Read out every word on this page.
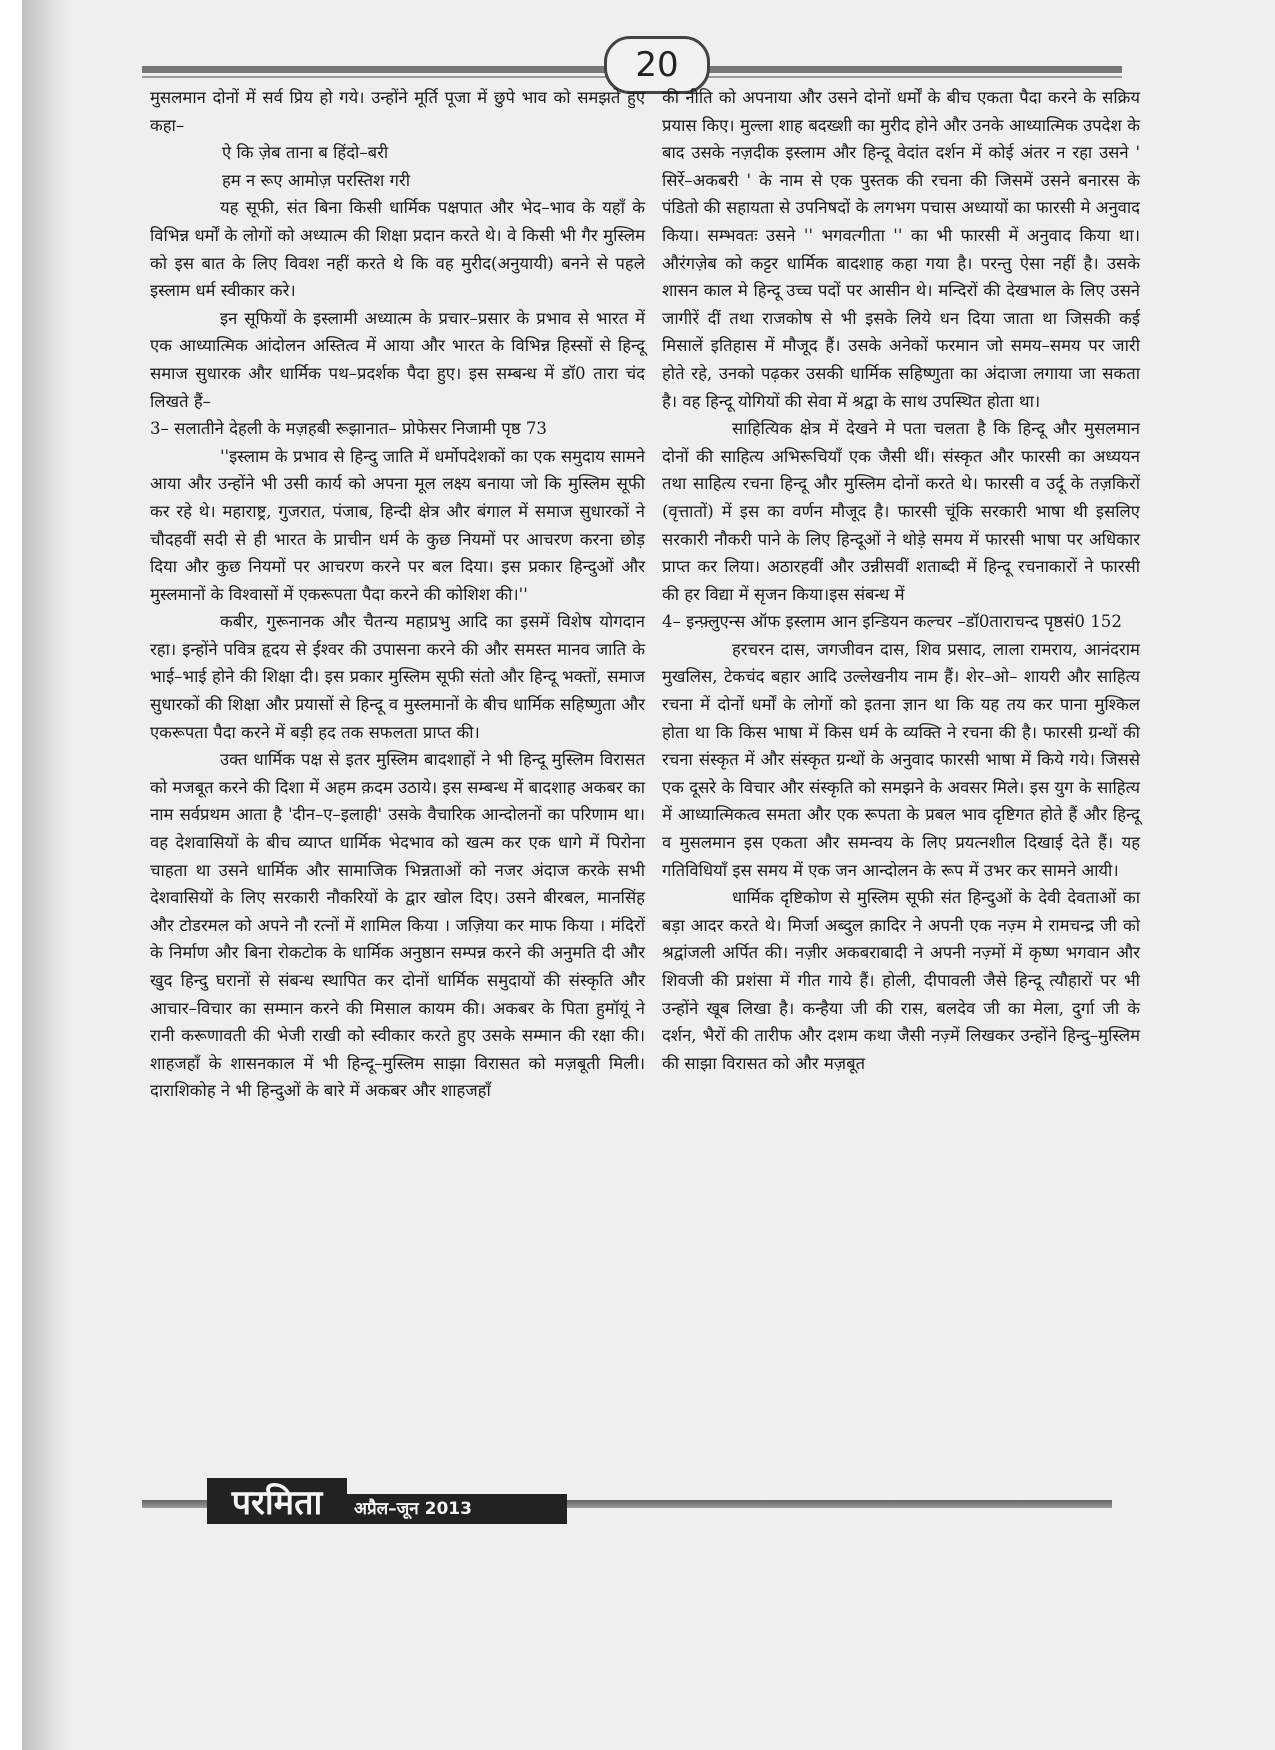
20

मुसलमान दोनों में सर्व प्रिय हो गये। उन्होंने मूर्ति पूजा में छुपे भाव को समझते हुए कहा–

ऐ कि ज़ेब ताना ब हिंदो–बरी

हम न रूए आमोज़ परस्तिश गरी

यह सूफी, संत बिना किसी धार्मिक पक्षपात और भेद–भाव के यहाँ के विभिन्न धर्मों के लोगों को अध्यात्म की शिक्षा प्रदान करते थे। वे किसी भी गैर मुस्लिम को इस बात के लिए विवश नहीं करते थे कि वह मुरीद(अनुयायी) बनने से पहले इस्लाम धर्म स्वीकार करे।

इन सूफियों के इस्लामी अध्यात्म के प्रचार–प्रसार के प्रभाव से भारत में एक आध्यात्मिक आंदोलन अस्तित्व में आया और भारत के विभिन्न हिस्सों से हिन्दू समाज सुधारक और धार्मिक पथ–प्रदर्शक पैदा हुए। इस सम्बन्ध में डॉ0 तारा चंद लिखते हैं–

3– सलातीने देहली के मज़हबी रूझानात– प्रोफेसर निजामी पृष्ठ 73

''इस्लाम के प्रभाव से हिन्दु जाति में धर्मोपदेशकों का एक समुदाय सामने आया और उन्होंने भी उसी कार्य को अपना मूल लक्ष्य बनाया जो कि मुस्लिम सूफी कर रहे थे। महाराष्ट्र, गुजरात, पंजाब, हिन्दी क्षेत्र और बंगाल में समाज सुधारकों ने चौदहवीं सदी से ही भारत के प्राचीन धर्म के कुछ नियमों पर आचरण करना छोड़ दिया और कुछ नियमों पर आचरण करने पर बल दिया। इस प्रकार हिन्दुओं और मुस्लमानों के विश्वासों में एकरूपता पैदा करने की कोशिश की।''

कबीर, गुरूनानक और चैतन्य महाप्रभु आदि का इसमें विशेष योगदान रहा। इन्होंने पवित्र हृदय से ईश्वर की उपासना करने की और समस्त मानव जाति के भाई–भाई होने की शिक्षा दी। इस प्रकार मुस्लिम सूफी संतो और हिन्दू भक्तों, समाज सुधारकों की शिक्षा और प्रयासों से हिन्दू व मुस्लमानों के बीच धार्मिक सहिष्णुता और एकरूपता पैदा करने में बड़ी हद तक सफलता प्राप्त की।

उक्त धार्मिक पक्ष से इतर मुस्लिम बादशाहों ने भी हिन्दू मुस्लिम विरासत को मजबूत करने की दिशा में अहम क़दम उठाये। इस सम्बन्ध में बादशाह अकबर का नाम सर्वप्रथम आता है 'दीन–ए–इलाही' उसके वैचारिक आन्दोलनों का परिणाम था। वह देशवासियों के बीच व्याप्त धार्मिक भेदभाव को खत्म कर एक धागे में पिरोना चाहता था उसने धार्मिक और सामाजिक भिन्नताओं को नजर अंदाज करके सभी देशवासियों के लिए सरकारी नौकरियों के द्वार खोल दिए। उसने बीरबल, मानसिंह और टोडरमल को अपने नौ रत्नों में शामिल किया । जज़िया कर माफ किया । मंदिरों के निर्माण और बिना रोकटोक के धार्मिक अनुष्ठान सम्पन्न करने की अनुमति दी और खुद हिन्दु घरानों से संबन्ध स्थापित कर दोनों धार्मिक समुदायों की संस्कृति और आचार–विचार का सम्मान करने की मिसाल कायम की। अकबर के पिता हुमॉयूं ने रानी करूणावती की भेजी राखी को स्वीकार करते हुए उसके सम्मान की रक्षा की। शाहजहाँ के शासनकाल में भी हिन्दू–मुस्लिम साझा विरासत को मज़बूती मिली। दाराशिकोह ने भी हिन्दुओं के बारे में अकबर और शाहजहाँ

की नीति को अपनाया और उसने दोनों धर्मों के बीच एकता पैदा करने के सक्रिय प्रयास किए। मुल्ला शाह बदख्शी का मुरीद होने और उनके आध्यात्मिक उपदेश के बाद उसके नज़दीक इस्लाम और हिन्दू वेदांत दर्शन में कोई अंतर न रहा उसने ' सिर्रे–अकबरी ' के नाम से एक पुस्तक की रचना की जिसमें उसने बनारस के पंडितो की सहायता से उपनिषदों के लगभग पचास अध्यायों का फारसी मे अनुवाद किया। सम्भवतः उसने '' भगवत्गीता '' का भी फारसी में अनुवाद किया था। औरंगज़ेब को कट्टर धार्मिक बादशाह कहा गया है। परन्तु ऐसा नहीं है। उसके शासन काल मे हिन्दू उच्च पदों पर आसीन थे। मन्दिरों की देखभाल के लिए उसने जागीरें दीं तथा राजकोष से भी इसके लिये धन दिया जाता था जिसकी कई मिसालें इतिहास में मौजूद हैं। उसके अनेकों फरमान जो समय–समय पर जारी होते रहे, उनको पढ़कर उसकी धार्मिक सहिष्णुता का अंदाजा लगाया जा सकता है। वह हिन्दू योगियों की सेवा में श्रद्वा के साथ उपस्थित होता था।

साहित्यिक क्षेत्र में देखने मे पता चलता है कि हिन्दू और मुसलमान दोनों की साहित्य अभिरूचियाँ एक जैसी थीं। संस्कृत और फारसी का अध्ययन तथा साहित्य रचना हिन्दू और मुस्लिम दोनों करते थे। फारसी व उर्दू के तज़किरों (वृत्तातों) में इस का वर्णन मौजूद है। फारसी चूंकि सरकारी भाषा थी इसलिए सरकारी नौकरी पाने के लिए हिन्दूओं ने थोड़े समय में फारसी भाषा पर अधिकार प्राप्त कर लिया। अठारहवीं और उन्नीसवीं शताब्दी में हिन्दू रचनाकारों ने फारसी की हर विद्या में सृजन किया।इस संबन्ध में

4– इन्फ़्लुएन्स ऑफ इस्लाम आन इन्डियन कल्चर –डॉ0ताराचन्द पृष्ठसं0 152

हरचरन दास, जगजीवन दास, शिव प्रसाद, लाला रामराय, आनंदराम मुखलिस, टेकचंद बहार आदि उल्लेखनीय नाम हैं। शेर–ओ– शायरी और साहित्य रचना में दोनों धर्मों के लोगों को इतना ज्ञान था कि यह तय कर पाना मुश्किल होता था कि किस भाषा में किस धर्म के व्यक्ति ने रचना की है। फारसी ग्रन्थों की रचना संस्कृत में और संस्कृत ग्रन्थों के अनुवाद फारसी भाषा में किये गये। जिससे एक दूसरे के विचार और संस्कृति को समझने के अवसर मिले। इस युग के साहित्य में आध्यात्मिकत्व समता और एक रूपता के प्रबल भाव दृष्टिगत होते हैं और हिन्दू व मुसलमान इस एकता और समन्वय के लिए प्रयत्नशील दिखाई देते हैं। यह गतिविधियाँ इस समय में एक जन आन्दोलन के रूप में उभर कर सामने आयी।

धार्मिक दृष्टिकोण से मुस्लिम सूफी संत हिन्दुओं के देवी देवताओं का बड़ा आदर करते थे। मिर्जा अब्दुल क़ादिर ने अपनी एक नज़्म मे रामचन्द्र जी को श्रद्वांजली अर्पित की। नज़ीर अकबराबादी ने अपनी नज़्मों में कृष्ण भगवान और शिवजी की प्रशंसा में गीत गाये हैं। होली, दीपावली जैसे हिन्दू त्यौहारों पर भी उन्होंने खूब लिखा है। कन्हैया जी की रास, बलदेव जी का मेला, दुर्गा जी के दर्शन, भैरों की तारीफ और दशम कथा जैसी नज़्में लिखकर उन्होंने हिन्दु–मुस्लिम की साझा विरासत को और मज़बूत

परमिता	अप्रैल–जून 2013
